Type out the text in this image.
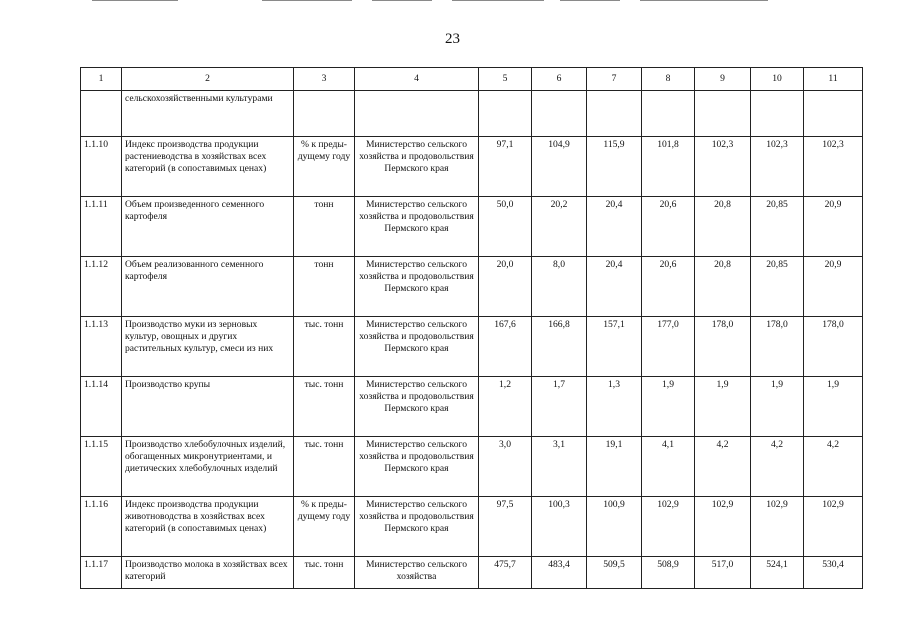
23
1	2	3	4	5	6	7	8	9	10	11
	сельскохозяйственными культурами									
1.1.10	Индекс производства продукции растениеводства в хозяйствах всех категорий (в сопоставимых ценах)	% к преды-дущему году	Министерство сельского хозяйства и продовольствия Пермского края	97,1	104,9	115,9	101,8	102,3	102,3	102,3
1.1.11	Объем произведенного семенного картофеля	тонн	Министерство сельского хозяйства и продовольствия Пермского края	50,0	20,2	20,4	20,6	20,8	20,85	20,9
1.1.12	Объем реализованного семенного картофеля	тонн	Министерство сельского хозяйства и продовольствия Пермского края	20,0	8,0	20,4	20,6	20,8	20,85	20,9
1.1.13	Производство муки из зерновых культур, овощных и других растительных культур, смеси из них	тыс. тонн	Министерство сельского хозяйства и продовольствия Пермского края	167,6	166,8	157,1	177,0	178,0	178,0	178,0
1.1.14	Производство крупы	тыс. тонн	Министерство сельского хозяйства и продовольствия Пермского края	1,2	1,7	1,3	1,9	1,9	1,9	1,9
1.1.15	Производство хлебобулочных изделий, обогащенных микронутриентами, и диетических хлебобулочных изделий	тыс. тонн	Министерство сельского хозяйства и продовольствия Пермского края	3,0	3,1	19,1	4,1	4,2	4,2	4,2
1.1.16	Индекс производства продукции животноводства в хозяйствах всех категорий (в сопоставимых ценах)	% к преды-дущему году	Министерство сельского хозяйства и продовольствия Пермского края	97,5	100,3	100,9	102,9	102,9	102,9	102,9
1.1.17	Производство молока в хозяйствах всех категорий	тыс. тонн	Министерство сельского хозяйства	475,7	483,4	509,5	508,9	517,0	524,1	530,4
